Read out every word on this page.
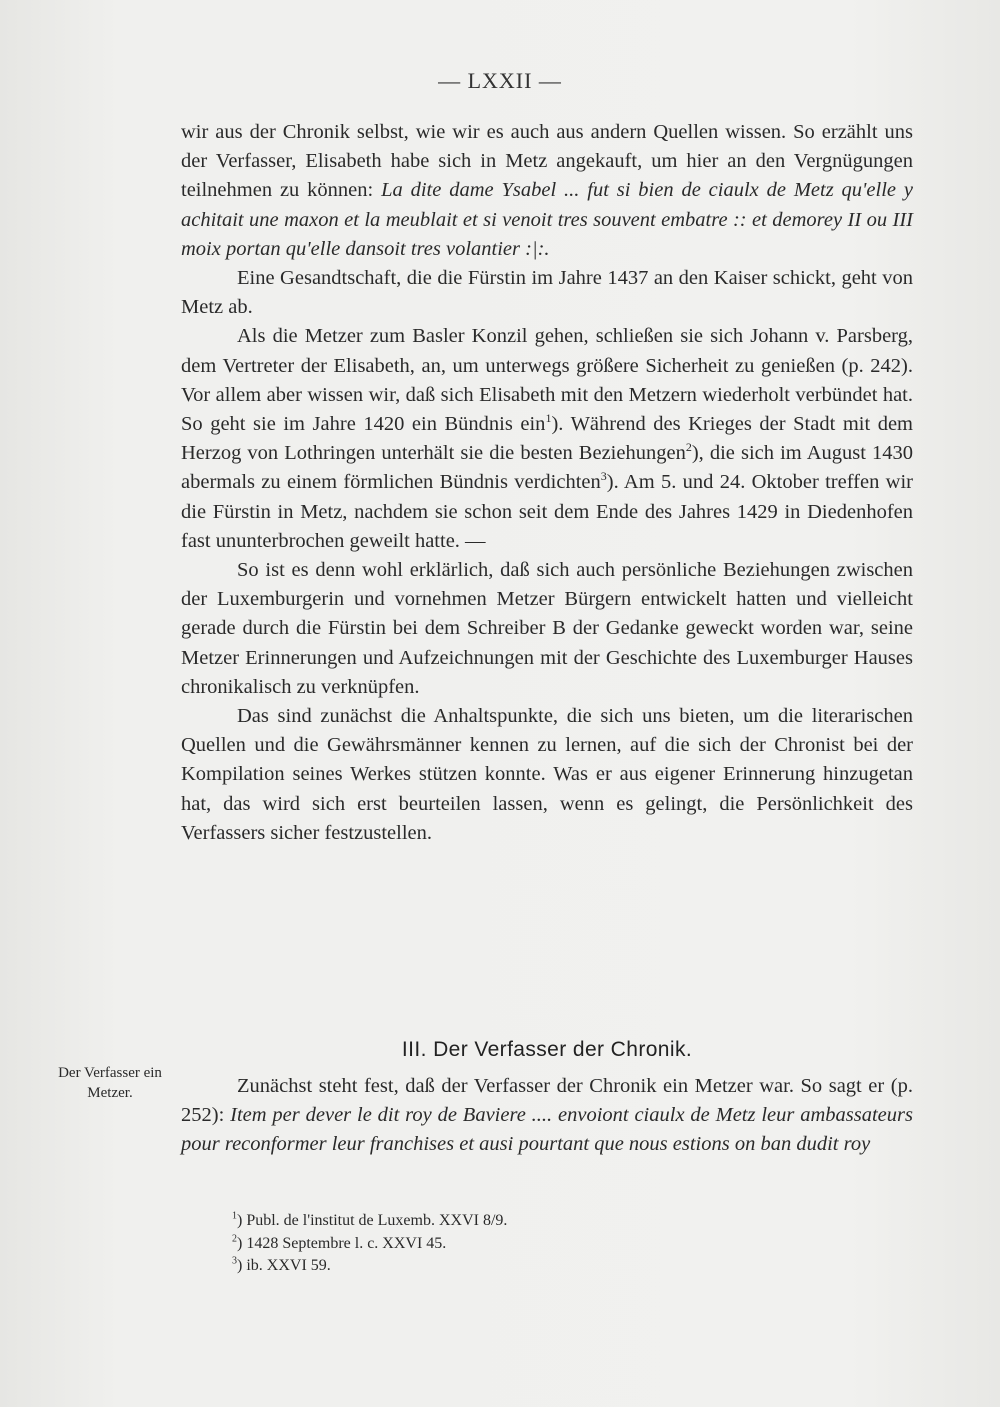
— LXXII —

wir aus der Chronik selbst, wie wir es auch aus andern Quellen wissen. So erzählt uns der Verfasser, Elisabeth habe sich in Metz angekauft, um hier an den Vergnügungen teilnehmen zu können: La dite dame Ysabel ... fut si bien de ciaulx de Metz qu'elle y achitait une maxon et la meublait et si venoit tres souvent embatre :: et demorey II ou III moix portan qu'elle dansoit tres volantier :|:.

Eine Gesandtschaft, die die Fürstin im Jahre 1437 an den Kaiser schickt, geht von Metz ab.

Als die Metzer zum Basler Konzil gehen, schließen sie sich Johann v. Parsberg, dem Vertreter der Elisabeth, an, um unterwegs größere Sicherheit zu genießen (p. 242). Vor allem aber wissen wir, daß sich Elisabeth mit den Metzern wiederholt verbündet hat. So geht sie im Jahre 1420 ein Bündnis ein$^1$). Während des Krieges der Stadt mit dem Herzog von Lothringen unterhält sie die besten Beziehungen$^2$), die sich im August 1430 abermals zu einem förmlichen Bündnis verdichten$^3$). Am 5. und 24. Oktober treffen wir die Fürstin in Metz, nachdem sie schon seit dem Ende des Jahres 1429 in Diedenhofen fast ununterbrochen geweilt hatte. —

So ist es denn wohl erklärlich, daß sich auch persönliche Beziehungen zwischen der Luxemburgerin und vornehmen Metzer Bürgern entwickelt hatten und vielleicht gerade durch die Fürstin bei dem Schreiber B der Gedanke geweckt worden war, seine Metzer Erinnerungen und Aufzeichnungen mit der Geschichte des Luxemburger Hauses chronikalisch zu verknüpfen.

Das sind zunächst die Anhaltspunkte, die sich uns bieten, um die literarischen Quellen und die Gewährsmänner kennen zu lernen, auf die sich der Chronist bei der Kompilation seines Werkes stützen konnte. Was er aus eigener Erinnerung hinzugetan hat, das wird sich erst beurteilen lassen, wenn es gelingt, die Persönlichkeit des Verfassers sicher festzustellen.

Der Verfasser ein Metzer.
III. Der Verfasser der Chronik.

Zunächst steht fest, daß der Verfasser der Chronik ein Metzer war. So sagt er (p. 252): Item per dever le dit roy de Baviere .... envoiont ciaulx de Metz leur ambassateurs pour reconformer leur franchises et ausi pourtant que nous estions on ban dudit roy

$^1$) Publ. de l'institut de Luxemb. XXVI 8/9.
$^2$) 1428 Septembre l. c. XXVI 45.
$^3$) ib. XXVI 59.
